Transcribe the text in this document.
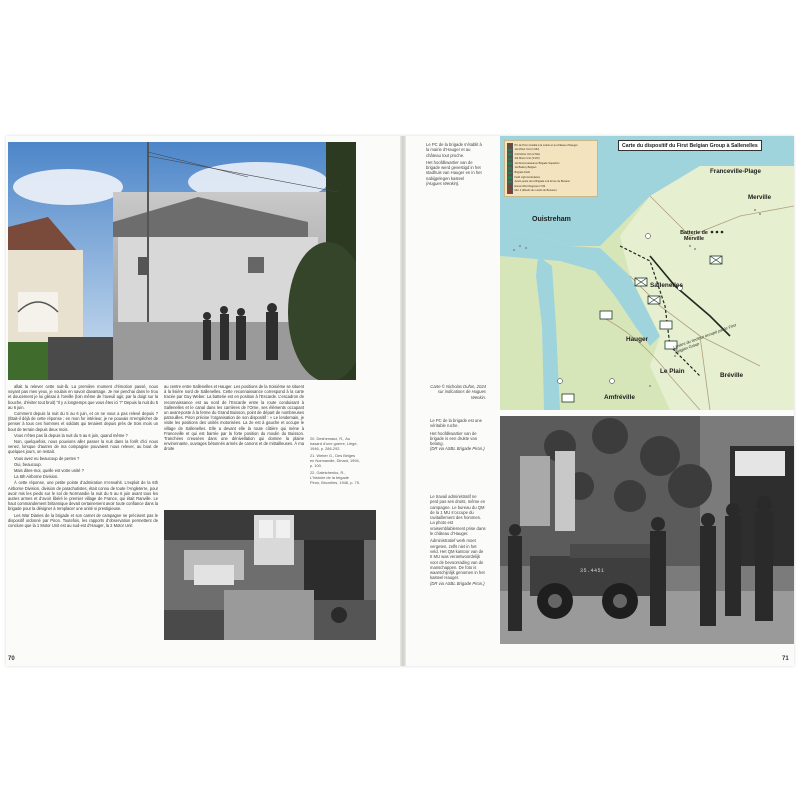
allait la relever cette nuit-là. La première moment d’émotion passé, nous voyant pas mes yeux, je voulais en savoir davantage. Je me penchai dans le trou et doucement je lui glissai à l’oreille (loin même de l’aveuil agir, par la doigt sur la bouche, d’éviter tout bruit) “Il y a longtemps que vous êtes ici ?” Depuis la nuit du 5 au 6 juin.

Comment depuis la nuit du 5 au 6 juin, et on ne vous a pas relevé depuis ? (Était-il déjà de cette réponse ; en mon for intérieur, je ne pouvais m’empêcher de penser à tous ces hommes et soldats qui tenaient depuis près de trois mois un bout de terrain depuis deux mois.

Vous n’êtes pas là depuis la nuit du 5 au 6 juin, quand même ?

Non, quelquefois, nous pouvions aller passer la nuit dans la forêt d’ici nous venez, lorsque d’autres de ma compagnie pouvaient nous relever, au bout de quelques jours, on restait.

Vous avez eu beaucoup de pertes ?

Oui, beaucoup.

Mais dites-moi, quelle est votre unité ?

La 6th Airborne Division.

À cette réponse, une petite pointe d’admiration m’envahit. L’exploit de la 6th Airborne Division, division de parachutistes, était connu de toute l’Angleterre, pour avoir mis les pieds sur le sol de Normandie la nuit du 5 au 6 juin avant tous les autres armes et d’avoir libéré le premier village de France, qui était Ranville. Le haut commandement britannique devait certainement avoir toute confiance dans la brigade pour la désigner à remplacer une unité si prestigieuse.

Les War Diaries de la brigade et son carnet de campagne ne précisent pas le dispositif ordonné par Piron. Toutefois, les rapports d’observation permettent de conclure que la 1 Motor Unit est au sud-est d’Hauger, la 2 Motor Unit

au centre entre Sallenelles et Hauger. Les positions de la troisième se situent à la lisière nord de Sallenelles. Cette reconnaissance correspond à la carte tracée par Guy Weber. La batterie est en position à l’Escarde. L’escadron de reconnaissance est au nord de l’Escarde entre la route conduisant à Sallenelles et le canal dans les carrières de l’Orne, ses éléments occupant un avant-poste à la ferme du Grand Buisson, point de départ de nombreuses patrouilles. Piron précise l’organisation de son dispositif : « Le lendemain, je visite les positions des unités motorisées. La 2e est à gauche et occupe le village de Sallenelles. Elle a devant elle la route côtière qui mène à Franceville et qui est barrée par la forte position du moulin du Buisson. Tranchées creusées dans une dénivellation qui domine la plaine environnante, ouvrages bétonnés armés de canons et de mitrailleuses. À ma droite

20. Deshemaux, R., Au hasard d’une guerre, Liège, 1946, p. 286-292.
21. Weber G., Des Belges en Normandie, Dinant, 1994, p. 100.
22. Galetchenko, R., L’histoire de la brigade Piron, Bruxelles, 1946, p. 75.
70
Le PC de la brigade s’établit à la mairie d’Hauger et au château tout proche.
Het hoofdkwartier van de brigade werd gevestigd in het stadhuis van Hauger en in het nabijgelegen kasteel
(Hugues Wenkin).
Carte © Nicholas Dufon, 2024 sur indications de Hugues Wenkin.
Le PC de la brigade est une véritable ruche.
Het hoofdkwartier van de brigade is een drukte van belang.
(DR via ASBL Brigade Piron.)
Le travail administratif ne perd pas ses droits, même en campagne. Le bureau du QM de la 1 MU s’occupe du ravitaillement des hommes. La photo est vraisemblablement prise dans le château d’Hauger.
Administratief werk moet vergeten, zelfs niet in het veld. Het QM kantoor van de II MU was verantwoordelijk voor de bevoorrading van de manschappen. De foto is waarschijnlijk genomen in het kasteel Hauger.
(DR via ASBL Brigade Piron.)
PC de Piron installé à la mairie et au château d’Hauger
1st Motor Unit (1 MU)
2nd Motor Unit (2 MU)
3rd Motor Unit (3 MU)
1st Reconnaissance Brigade Squadron
1st Battery Belgian
Brigade Field
Field Light Ambulance
Avant-poste de la Brigade à la ferme du Buisson
Ennemi/fort Regiment 7/44
Mur 4 (Moulin du moulin du Buisson)
Carte du dispositif du First Belgian Group à Sallenelles
Ouistreham
Franceville-Plage
Merville
Batterie de Merville
Sallenelles
Hauger
Le Plain
Bréville
Amfréville
Limites du secteur occupé par le First Belgian Group
35.4451
71
